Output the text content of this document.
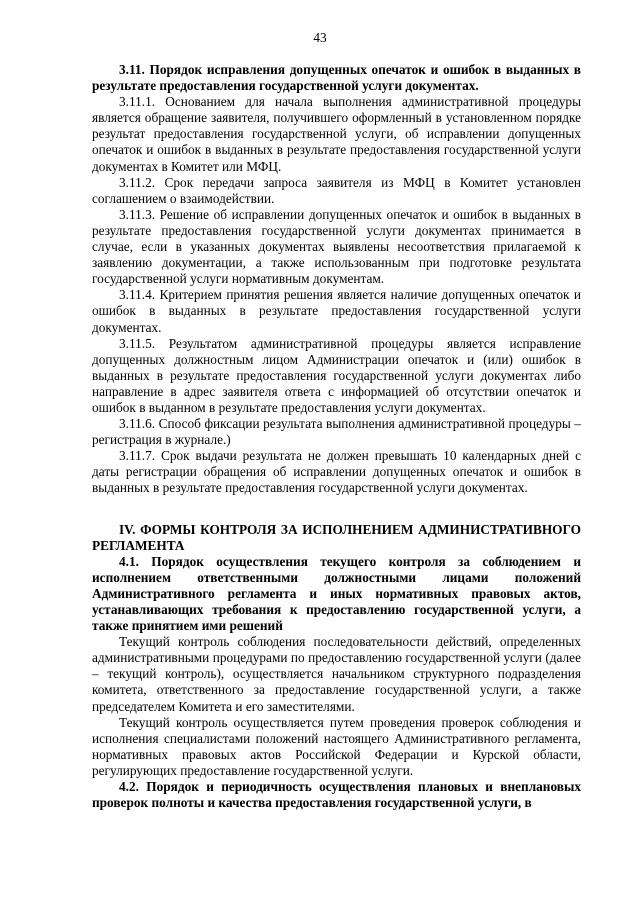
43

3.11. Порядок исправления допущенных опечаток и ошибок в выданных в результате предоставления государственной услуги документах.

3.11.1. Основанием для начала выполнения административной процедуры является обращение заявителя, получившего оформленный в установленном порядке результат предоставления государственной услуги, об исправлении допущенных опечаток и ошибок в выданных в результате предоставления государственной услуги документах в Комитет или МФЦ.

3.11.2. Срок передачи запроса заявителя из МФЦ в Комитет установлен соглашением о взаимодействии.

3.11.3. Решение об исправлении допущенных опечаток и ошибок в выданных в результате предоставления государственной услуги документах принимается в случае, если в указанных документах выявлены несоответствия прилагаемой к заявлению документации, а также использованным при подготовке результата государственной услуги нормативным документам.

3.11.4. Критерием принятия решения является наличие допущенных опечаток и ошибок в выданных в результате предоставления государственной услуги документах.

3.11.5. Результатом административной процедуры является исправление допущенных должностным лицом Администрации опечаток и (или) ошибок в выданных в результате предоставления государственной услуги документах либо направление в адрес заявителя ответа с информацией об отсутствии опечаток и ошибок в выданном в результате предоставления услуги документах.

3.11.6. Способ фиксации результата выполнения административной процедуры – регистрация в журнале.)

3.11.7. Срок выдачи результата не должен превышать 10 календарных дней с даты регистрации обращения об исправлении допущенных опечаток и ошибок в выданных в результате предоставления государственной услуги документах.

IV. ФОРМЫ КОНТРОЛЯ ЗА ИСПОЛНЕНИЕМ АДМИНИСТРАТИВНОГО РЕГЛАМЕНТА

4.1. Порядок осуществления текущего контроля за соблюдением и исполнением ответственными должностными лицами положений Административного регламента и иных нормативных правовых актов, устанавливающих требования к предоставлению государственной услуги, а также принятием ими решений

Текущий контроль соблюдения последовательности действий, определенных административными процедурами по предоставлению государственной услуги (далее – текущий контроль), осуществляется начальником структурного подразделения комитета, ответственного за предоставление государственной услуги, а также председателем Комитета и его заместителями.

Текущий контроль осуществляется путем проведения проверок соблюдения и исполнения специалистами положений настоящего Административного регламента, нормативных правовых актов Российской Федерации и Курской области, регулирующих предоставление государственной услуги.

4.2. Порядок и периодичность осуществления плановых и внеплановых проверок полноты и качества предоставления государственной услуги, в
